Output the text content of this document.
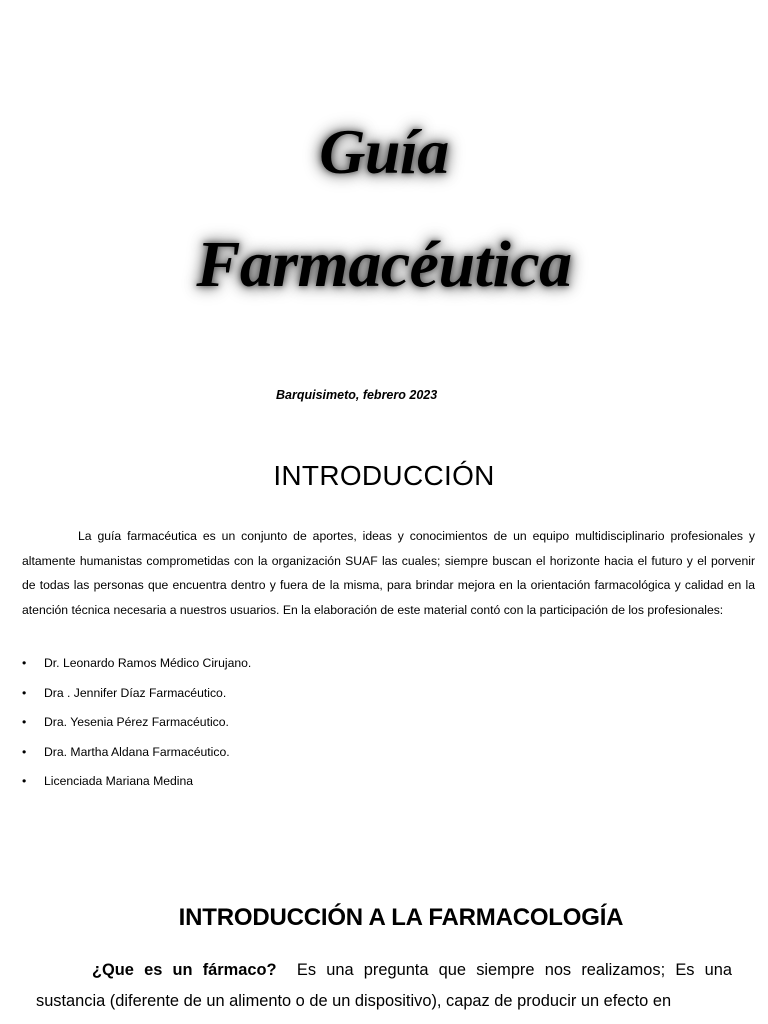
Guía
Farmacéutica
Barquisimeto, febrero 2023
INTRODUCCIÓN

La guía farmacéutica es un conjunto de aportes, ideas y conocimientos de un equipo multidisciplinario profesionales y altamente humanistas comprometidas con la organización SUAF las cuales; siempre buscan el horizonte hacia el futuro y el porvenir de todas las personas que encuentra dentro y fuera de la misma, para brindar mejora en la orientación farmacológica y calidad en la atención técnica necesaria a nuestros usuarios. En la elaboración de este material contó con la participación de los profesionales:

•	Dr. Leonardo Ramos Médico Cirujano.
•	Dra . Jennifer Díaz Farmacéutico.
•	Dra. Yesenia Pérez Farmacéutico.
•	Dra. Martha Aldana Farmacéutico.
•	Licenciada Mariana Medina
INTRODUCCIÓN A LA FARMACOLOGÍA

¿Que es un fármaco? Es una pregunta que siempre nos realizamos; Es una sustancia (diferente de un alimento o de un dispositivo), capaz de producir un efecto en
